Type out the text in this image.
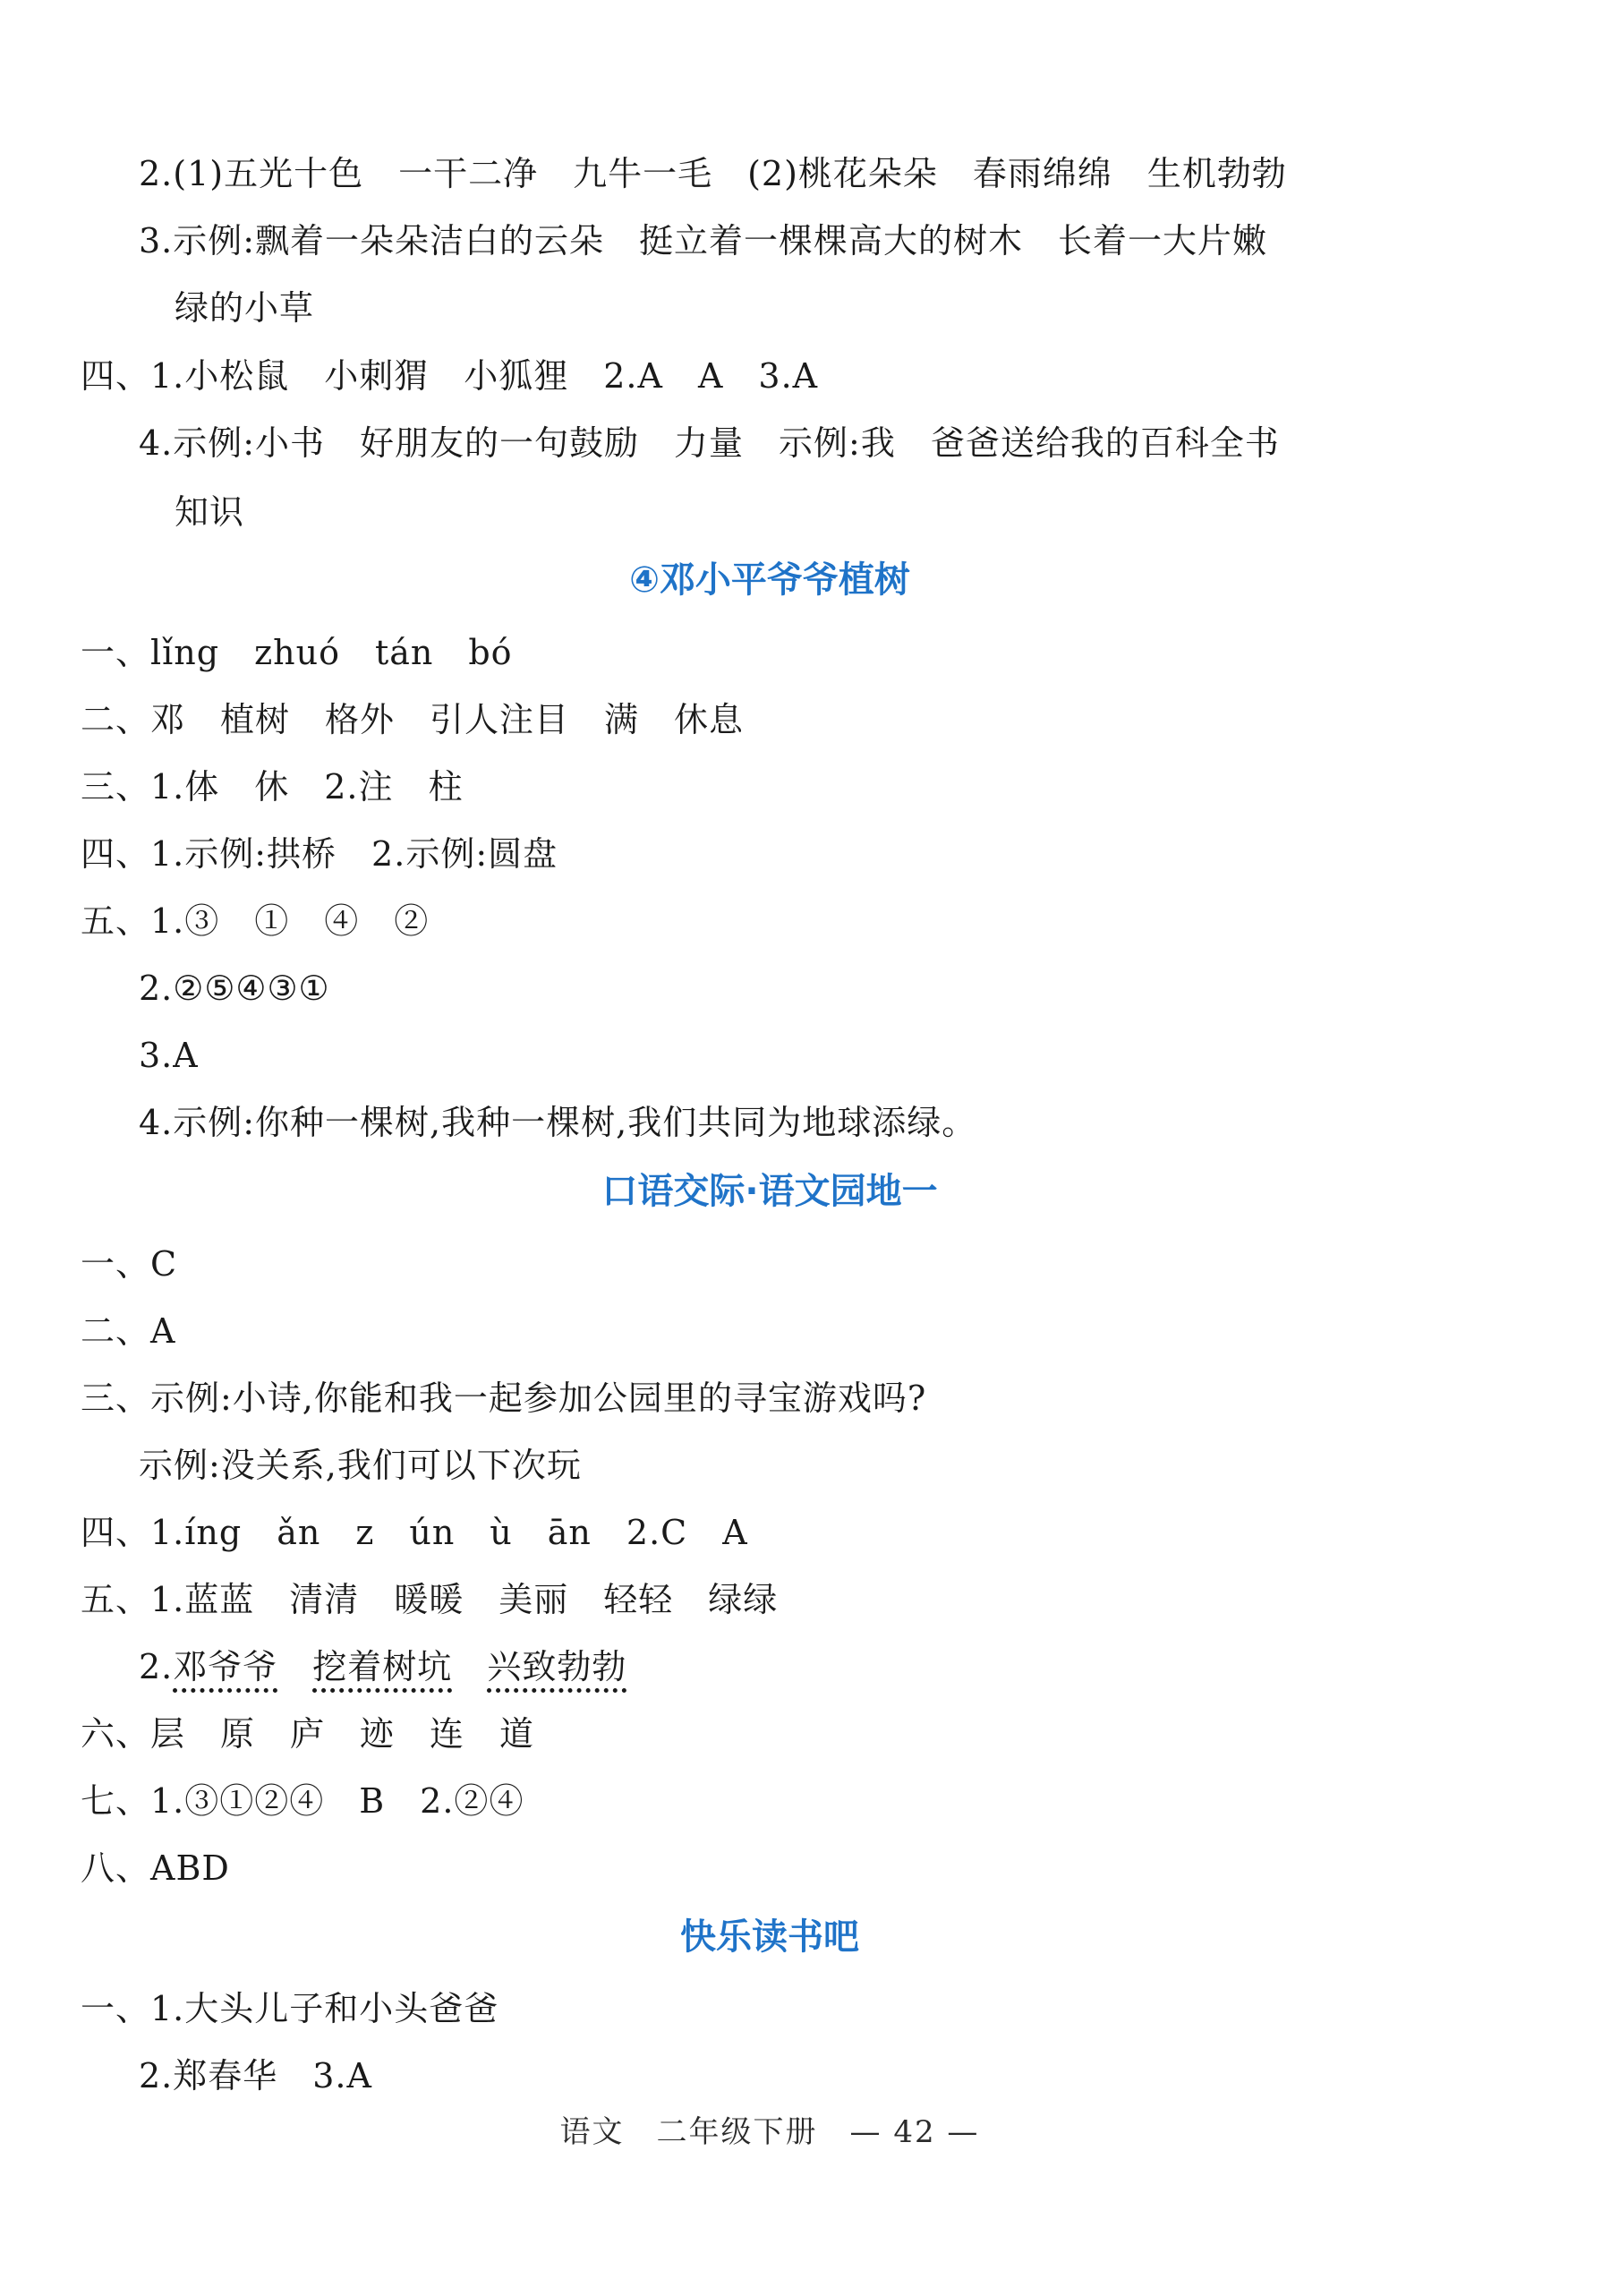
2.(1)五光十色　一干二净　九牛一毛　(2)桃花朵朵　春雨绵绵　生机勃勃
3.示例:飘着一朵朵洁白的云朵　挺立着一棵棵高大的树木　长着一大片嫩
绿的小草
四、1.小松鼠　小刺猬　小狐狸　2.A　A　3.A
4.示例:小书　好朋友的一句鼓励　力量　示例:我　爸爸送给我的百科全书
知识
④邓小平爷爷植树
一、lǐng　zhuó　tán　bó
二、邓　植树　格外　引人注目　满　休息
三、1.体　休　2.注　柱
四、1.示例:拱桥　2.示例:圆盘
五、1.③　①　④　②
2.②⑤④③①
3.A
4.示例:你种一棵树,我种一棵树,我们共同为地球添绿。
口语交际·语文园地一
一、C
二、A
三、示例:小诗,你能和我一起参加公园里的寻宝游戏吗?
示例:没关系,我们可以下次玩
四、1.íng　ǎn　z　ún　ù　ān　2.C　A
五、1.蓝蓝　清清　暖暖　美丽　轻轻　绿绿
2.邓爷爷　 挖着树坑　 兴致勃勃
六、层　原　庐　迹　连　道
七、1.③①②④　B　2.②④
八、ABD
快乐读书吧
一、1.大头儿子和小头爸爸
2.郑春华　3.A
语文　二年级下册　— 42 —
